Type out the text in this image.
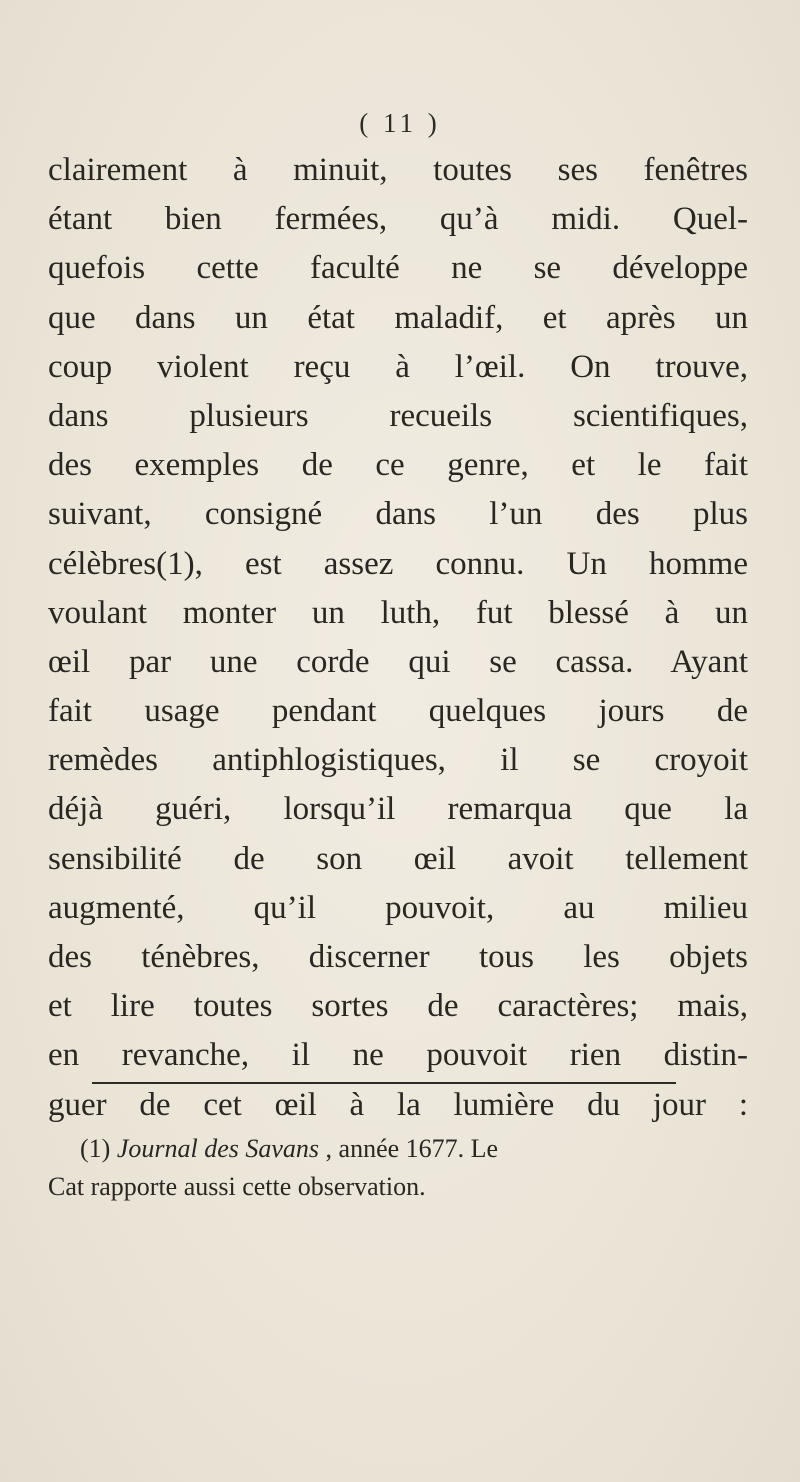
( 11 )
clairement à minuit, toutes ses fenêtres
étant bien fermées, qu’à midi. Quel-
quefois cette faculté ne se développe
que dans un état maladif, et après un
coup violent reçu à l’œil. On trouve,
dans plusieurs recueils scientifiques,
des exemples de ce genre, et le fait
suivant, consigné dans l’un des plus
célèbres(1), est assez connu. Un homme
voulant monter un luth, fut blessé à un
œil par une corde qui se cassa. Ayant
fait usage pendant quelques jours de
remèdes antiphlogistiques, il se croyoit
déjà guéri, lorsqu’il remarqua que la
sensibilité de son œil avoit tellement
augmenté, qu’il pouvoit, au milieu
des ténèbres, discerner tous les objets
et lire toutes sortes de caractères; mais,
en revanche, il ne pouvoit rien distin-
guer de cet œil à la lumière du jour :
(1) Journal des Savans , année 1677. Le
Cat rapporte aussi cette observation.
